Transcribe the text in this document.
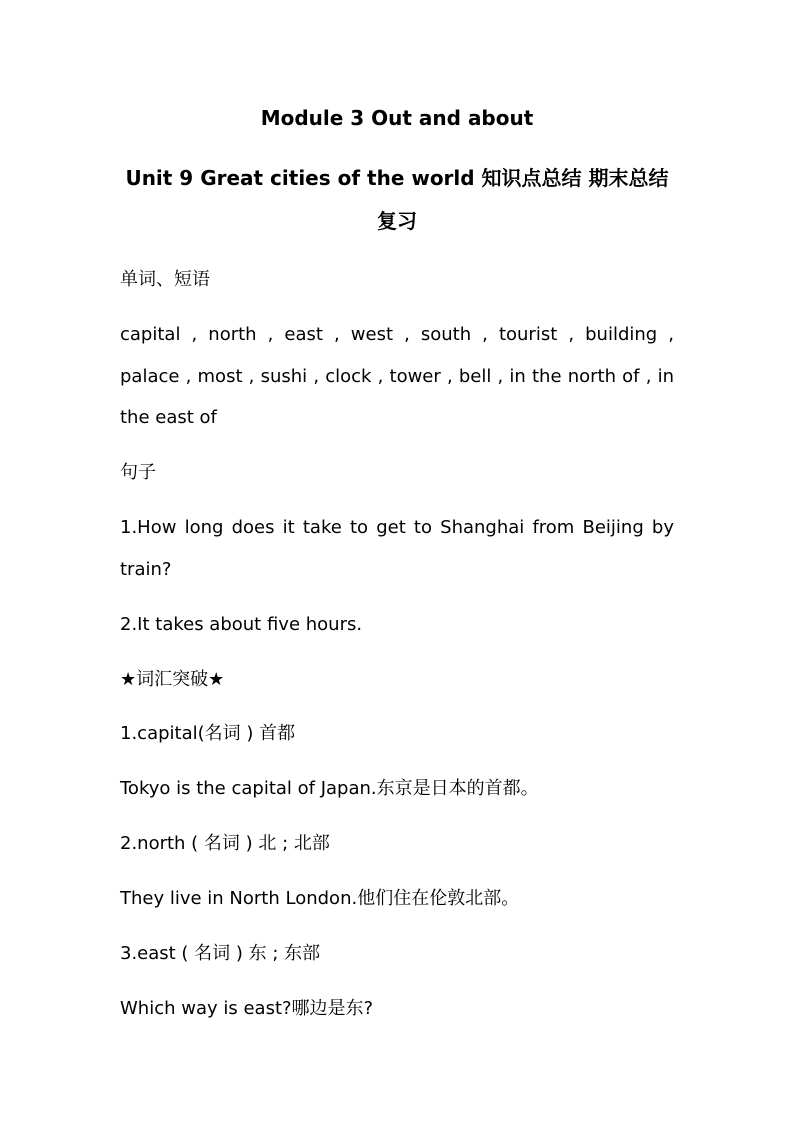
Module 3 Out and about
Unit 9 Great cities of the world 知识点总结 期末总结
复习
单词、短语
capital , north , east , west , south , tourist , building ,
palace , most , sushi , clock , tower , bell , in the north of , in
the east of
句子
1.How long does it take to get to Shanghai from Beijing by
train?
2.It takes about five hours.
★词汇突破★
1.capital(名词 ) 首都
Tokyo is the capital of Japan.东京是日本的首都。
2.north ( 名词 ) 北 ; 北部
They live in North London.他们住在伦敦北部。
3.east ( 名词 ) 东 ; 东部
Which way is east?哪边是东?
